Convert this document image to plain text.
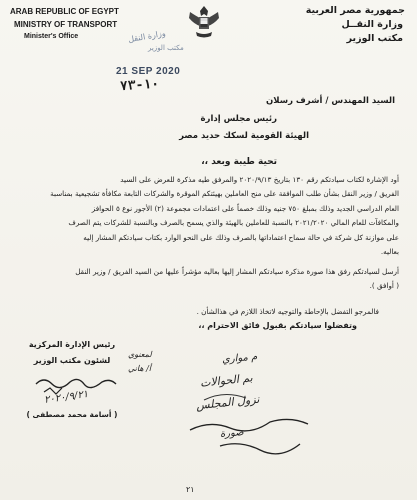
ARAB REPUBLIC OF EGYPT
MINISTRY OF TRANSPORT
Minister's Office
جمهورية مصر العربية
وزارة النقــل
مكتب الوزير
وزارة النقل
مكتب الوزير
21 SEP 2020
١٠-٧٣
السيد المهندس / أشرف رسلان
رئيس مجلس إدارة
الهيئة القومية لسكك حديد مصر
تحية طيبة وبعد ،،
أود الإشارة لكتاب سيادتكم رقم ١٣٠ بتاريخ ٢٠٢٠/٩/١٣ والمرفق طيه مذكرة للعرض على السيد
الفريق / وزير النقل بشأن طلب الموافقة على منح العاملين بهيئتكم الموقرة والشركات التابعة مكافأة تشجيعية بمناسبة
العام الدراسي الجديد وذلك بمبلغ ٧٥٠ جنيه وذلك خصماً على اعتمادات مجموعة (٢) الأجور نوع ٥ الحوافز
والمكافآت للعام المالي ٢٠٢١/٢٠٢٠ بالنسبة للعاملين بالهيئة والذي يسمح بالصرف وبالنسبة للشركات يتم الصرف
على موازنة كل شركة في حالة سماح اعتماداتها بالصرف وذلك على النحو الوارد بكتاب سيادتكم المشار إليه
بعاليه.
أرسل لسيادتكم رفق هذا صورة مذكرة سيادتكم المشار إليها بعاليه مؤشراً عليها من السيد الفريق / وزير النقل
( أوافق ).
فالمرجو التفضل بالإحاطة والتوجيه لاتخاذ اللازم في هذالشأن .
وتفضلوا سيادتكم بقبول فائق الاحترام ،،
رئيس الإدارة المركزية
لشئون مكتب الوزير
٢٠٢٠/٩/٢١
( أسامة محمد مصطفى )
لمعنوي
أ/ هاني
م مواري
بم الحوالات
نزول المجلس
صورة
٢١
